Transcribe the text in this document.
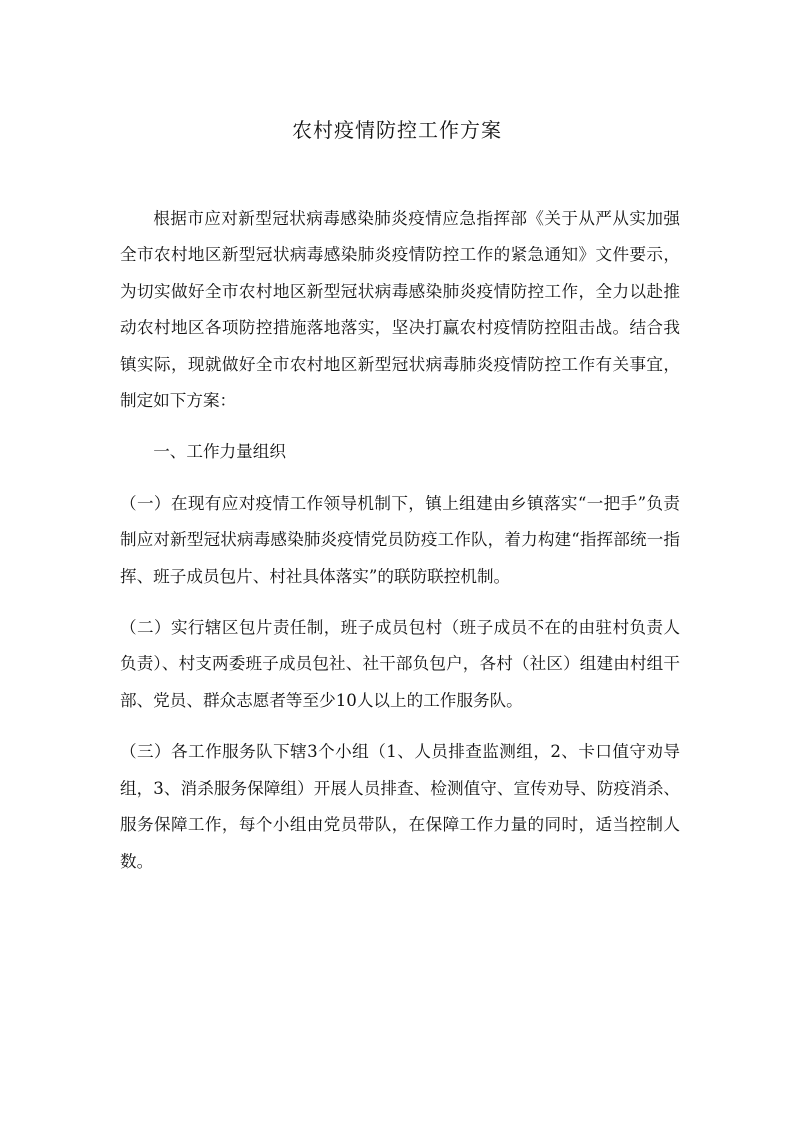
农村疫情防控工作方案

根据市应对新型冠状病毒感染肺炎疫情应急指挥部《关于从严从实加强全市农村地区新型冠状病毒感染肺炎疫情防控工作的紧急通知》文件要示，为切实做好全市农村地区新型冠状病毒感染肺炎疫情防控工作，全力以赴推动农村地区各项防控措施落地落实，坚决打赢农村疫情防控阻击战。结合我镇实际，现就做好全市农村地区新型冠状病毒肺炎疫情防控工作有关事宜，制定如下方案：

一、工作力量组织

（一）在现有应对疫情工作领导机制下，镇上组建由乡镇落实“一把手”负责制应对新型冠状病毒感染肺炎疫情党员防疫工作队，着力构建“指挥部统一指挥、班子成员包片、村社具体落实”的联防联控机制。

（二）实行辖区包片责任制，班子成员包村（班子成员不在的由驻村负责人负责）、村支两委班子成员包社、社干部负包户，各村（社区）组建由村组干部、党员、群众志愿者等至少10人以上的工作服务队。

（三）各工作服务队下辖3个小组（1、人员排查监测组，2、卡口值守劝导组，3、消杀服务保障组）开展人员排查、检测值守、宣传劝导、防疫消杀、服务保障工作，每个小组由党员带队，在保障工作力量的同时，适当控制人数。
